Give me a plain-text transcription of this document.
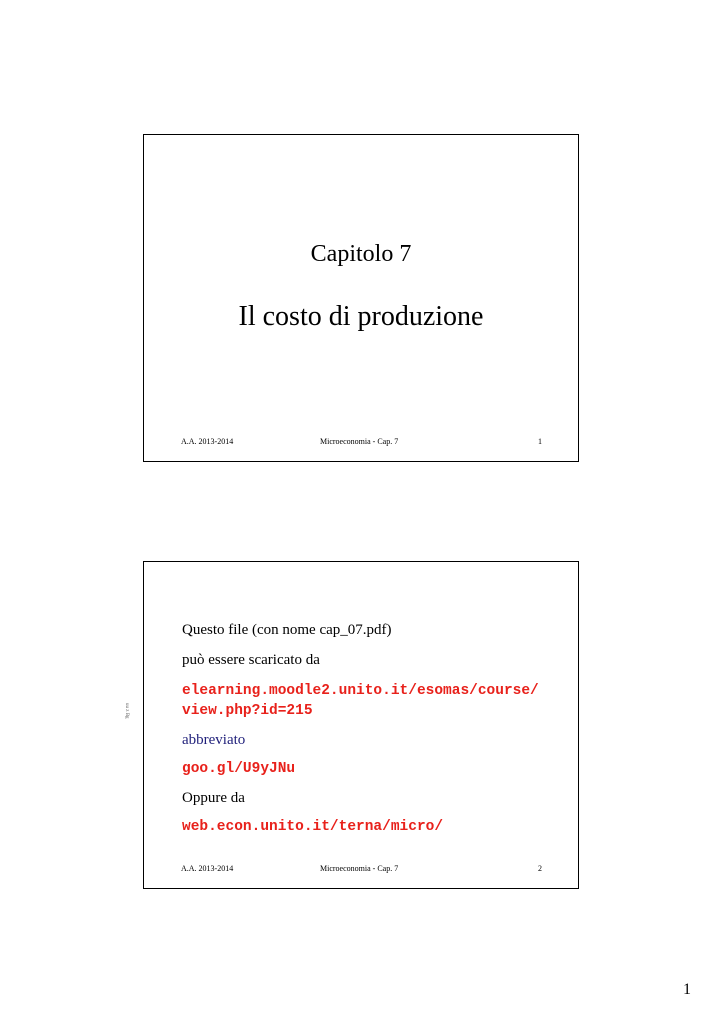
Capitolo 7
Il costo di produzione
A.A. 2013-2014	Microeconomia - Cap. 7	1
Questo file (con nome cap_07.pdf)
può essere scaricato da
elearning.moodle2.unito.it/esomas/course/
view.php?id=215
abbreviato
goo.gl/U9yJNu
Oppure da
web.econ.unito.it/terna/micro/
A.A. 2013-2014	Microeconomia - Cap. 7	2
uu z Bg
1
